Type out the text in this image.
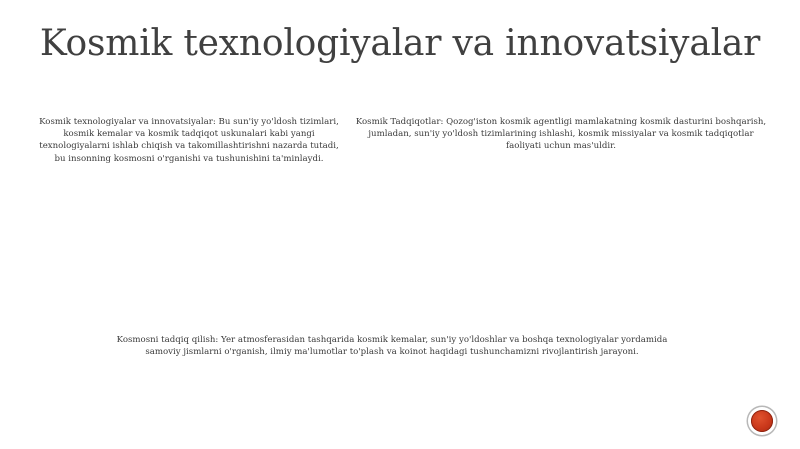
Kosmik texnologiyalar va innovatsiyalar
Kosmik texnologiyalar va innovatsiyalar: Bu sun'iy yo'ldosh tizimlari, kosmik kemalar va kosmik tadqiqot uskunalari kabi yangi texnologiyalarni ishlab chiqish va takomillashtirishni nazarda tutadi, bu insonning kosmosni o'rganishi va tushunishini ta'minlaydi.
Kosmik Tadqiqotlar: Qozog'iston kosmik agentligi mamlakatning kosmik dasturini boshqarish, jumladan, sun'iy yo'ldosh tizimlarining ishlashi, kosmik missiyalar va kosmik tadqiqotlar faoliyati uchun mas'uldir.
Kosmosni tadqiq qilish: Yer atmosferasidan tashqarida kosmik kemalar, sun'iy yo'ldoshlar va boshqa texnologiyalar yordamida samoviy jismlarni o'rganish, ilmiy ma'lumotlar to'plash va koinot haqidagi tushunchamizni rivojlantirish jarayoni.
